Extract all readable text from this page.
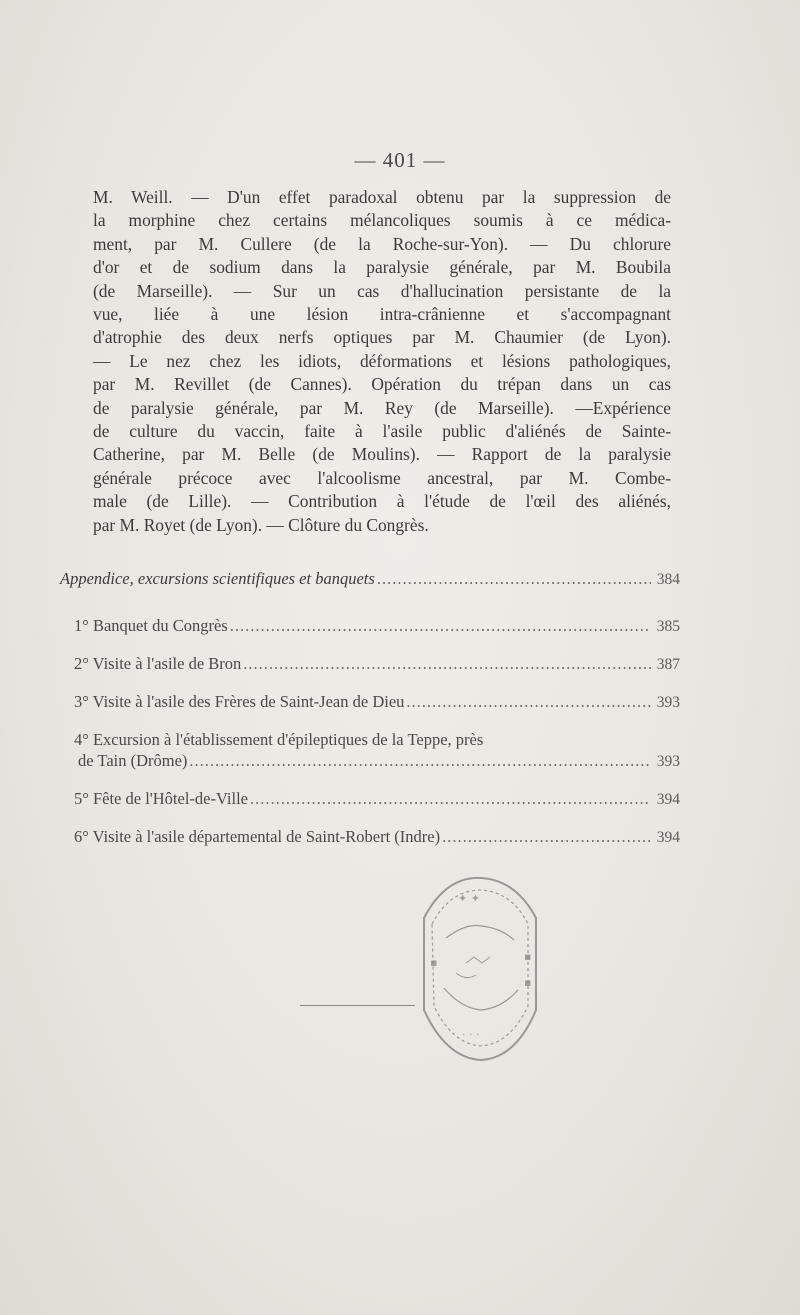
— 401 —
M. Weill. — D'un effet paradoxal obtenu par la suppression de
la morphine chez certains mélancoliques soumis à ce médica-
ment, par M. Cullere (de la Roche-sur-Yon). — Du chlorure
d'or et de sodium dans la paralysie générale, par M. Boubila
(de Marseille). — Sur un cas d'hallucination persistante de la
vue, liée à une lésion intra-crânienne et s'accompagnant
d'atrophie des deux nerfs optiques par M. Chaumier (de Lyon).
— Le nez chez les idiots, déformations et lésions pathologiques,
par M. Revillet (de Cannes). Opération du trépan dans un cas
de paralysie générale, par M. Rey (de Marseille). —Expérience
de culture du vaccin, faite à l'asile public d'aliénés de Sainte-
Catherine, par M. Belle (de Moulins). — Rapport de la paralysie
générale précoce avec l'alcoolisme ancestral, par M. Combe-
male (de Lille). — Contribution à l'étude de l'œil des aliénés,
par M. Royet (de Lyon). — Clôture du Congrès.
Appendice, excursions scientifiques et banquets .....	384
1° Banquet du Congrès .....	385
2° Visite à l'asile de Bron .....	387
3° Visite à l'asile des Frères de Saint-Jean de Dieu .....	393
4° Excursion à l'établissement d'épileptiques de la Teppe, près
de Tain (Drôme) .....	393
5° Fête de l'Hôtel-de-Ville .....	394
6° Visite à l'asile départemental de Saint-Robert (Indre) .....	394
✦ ✦
▪
▪
▪
· · ·
